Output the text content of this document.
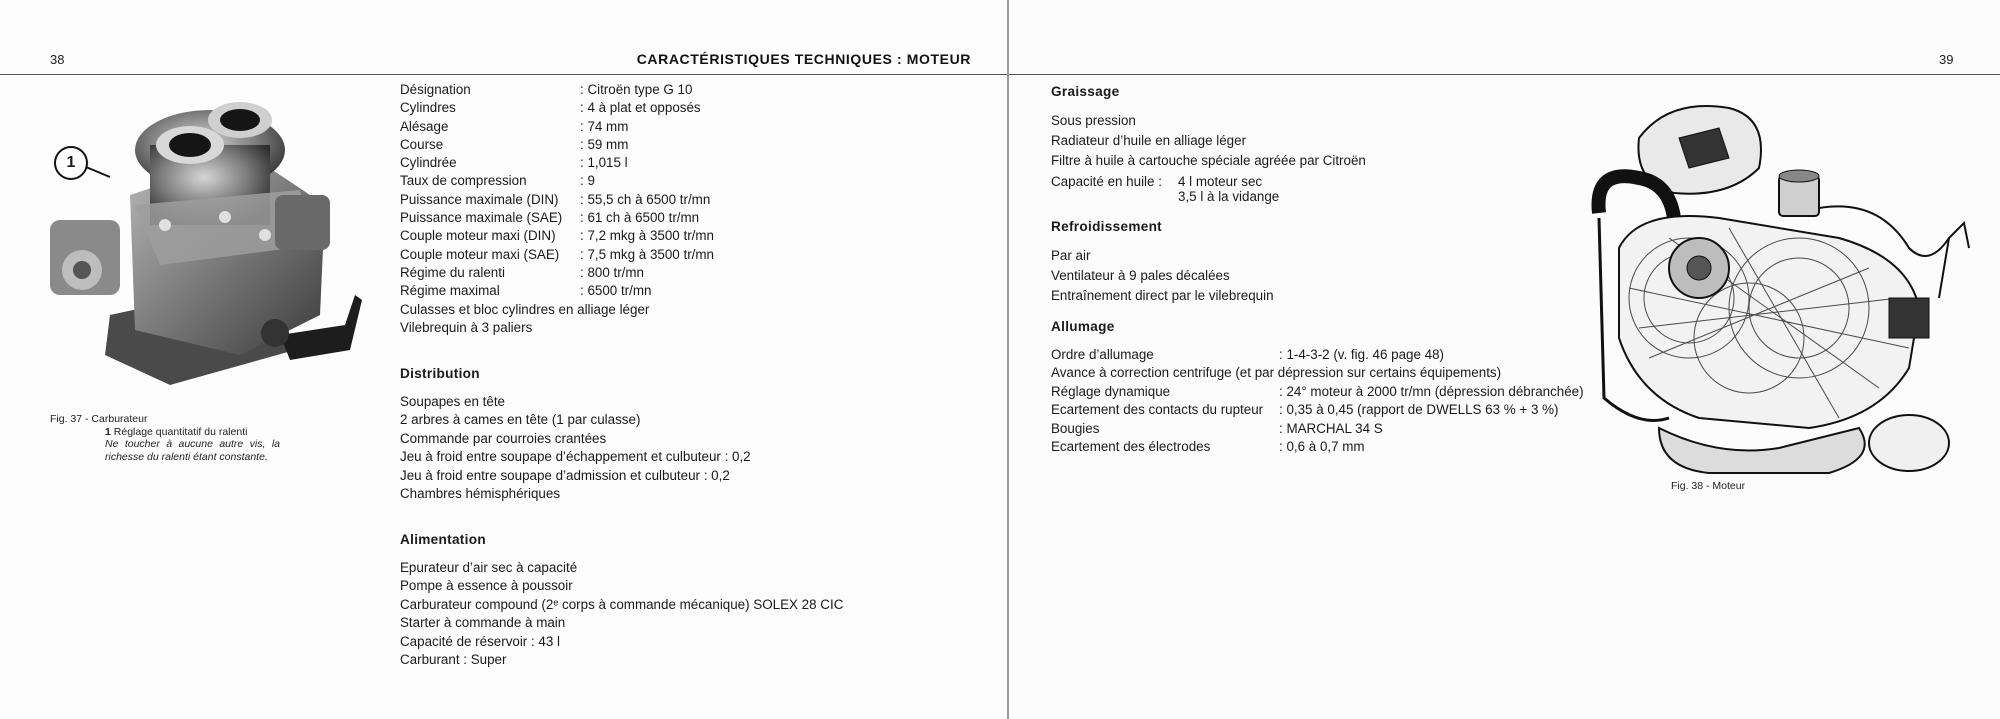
38	CARACTÉRISTIQUES TECHNIQUES : MOTEUR
1
Fig. 37 - Carburateur
1 Réglage quantitatif du ralenti
Ne toucher à aucune autre vis, la richesse du ralenti étant constante.
Désignation	: Citroën type G 10
Cylindres	: 4 à plat et opposés
Alésage	: 74 mm
Course	: 59 mm
Cylindrée	: 1,015 l
Taux de compression	: 9
Puissance maximale (DIN)	: 55,5 ch à 6500 tr/mn
Puissance maximale (SAE)	: 61 ch à 6500 tr/mn
Couple moteur maxi (DIN)	: 7,2 mkg à 3500 tr/mn
Couple moteur maxi (SAE)	: 7,5 mkg à 3500 tr/mn
Régime du ralenti	: 800 tr/mn
Régime maximal	: 6500 tr/mn
Culasses et bloc cylindres en alliage léger
Vilebrequin à 3 paliers
Distribution
Soupapes en tête
2 arbres à cames en tête (1 par culasse)
Commande par courroies crantées
Jeu à froid entre soupape d’échappement et culbuteur : 0,2
Jeu à froid entre soupape d’admission et culbuteur : 0,2
Chambres hémisphériques
Alimentation
Epurateur d’air sec à capacité
Pompe à essence à poussoir
Carburateur compound (2ᵉ corps à commande mécanique) SOLEX 28 CIC
Starter à commande à main
Capacité de réservoir : 43 l
Carburant : Super
39
Graissage
Sous pression
Radiateur d’huile en alliage léger
Filtre à huile à cartouche spéciale agréée par Citroën
Capacité en huile :	4 l moteur sec
3,5 l à la vidange
Refroidissement
Par air
Ventilateur à 9 pales décalées
Entraînement direct par le vilebrequin
Allumage
Ordre d’allumage	: 1-4-3-2 (v. fig. 46 page 48)
Avance à correction centrifuge (et par dépression sur certains équipements)
Réglage dynamique	: 24° moteur à 2000 tr/mn (dépression débranchée)
Ecartement des contacts du rupteur	: 0,35 à 0,45 (rapport de DWELLS 63 % + 3 %)
Bougies	: MARCHAL 34 S
Ecartement des électrodes	: 0,6 à 0,7 mm
Fig. 38 - Moteur
